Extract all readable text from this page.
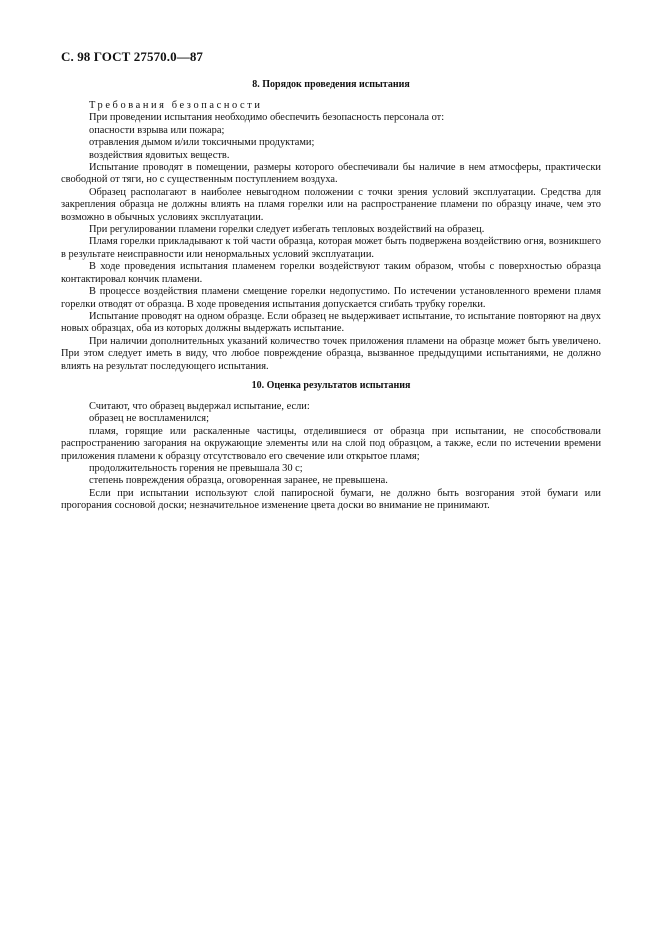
С. 98 ГОСТ 27570.0—87
8. Порядок проведения испытания

Требования безопасности

При проведении испытания необходимо обеспечить безопасность персонала от:

опасности взрыва или пожара;

отравления дымом и/или токсичными продуктами;

воздействия ядовитых веществ.

Испытание проводят в помещении, размеры которого обеспечивали бы наличие в нем атмосферы, практически свободной от тяги, но с существенным поступлением воздуха.

Образец располагают в наиболее невыгодном положении с точки зрения условий эксплуатации. Средства для закрепления образца не должны влиять на пламя горелки или на распространение пламени по образцу иначе, чем это возможно в обычных условиях эксплуатации.

При регулировании пламени горелки следует избегать тепловых воздействий на образец.

Пламя горелки прикладывают к той части образца, которая может быть подвержена воздействию огня, возникшего в результате неисправности или ненормальных условий эксплуатации.

В ходе проведения испытания пламенем горелки воздействуют таким образом, чтобы с поверхностью образца контактировал кончик пламени.

В процессе воздействия пламени смещение горелки недопустимо. По истечении установленного времени пламя горелки отводят от образца. В ходе проведения испытания допускается сгибать трубку горелки.

Испытание проводят на одном образце. Если образец не выдерживает испытание, то испытание повторяют на двух новых образцах, оба из которых должны выдержать испытание.

При наличии дополнительных указаний количество точек приложения пламени на образце может быть увеличено. При этом следует иметь в виду, что любое повреждение образца, вызванное предыдущими испытаниями, не должно влиять на результат последующего испытания.

10. Оценка результатов испытания

Считают, что образец выдержал испытание, если:

образец не воспламенился;

пламя, горящие или раскаленные частицы, отделившиеся от образца при испытании, не способствовали распространению загорания на окружающие элементы или на слой под образцом, а также, если по истечении времени приложения пламени к образцу отсутствовало его свечение или открытое пламя;

продолжительность горения не превышала 30 с;

степень повреждения образца, оговоренная заранее, не превышена.

Если при испытании используют слой папиросной бумаги, не должно быть возгорания этой бумаги или прогорания сосновой доски; незначительное изменение цвета доски во внимание не принимают.
